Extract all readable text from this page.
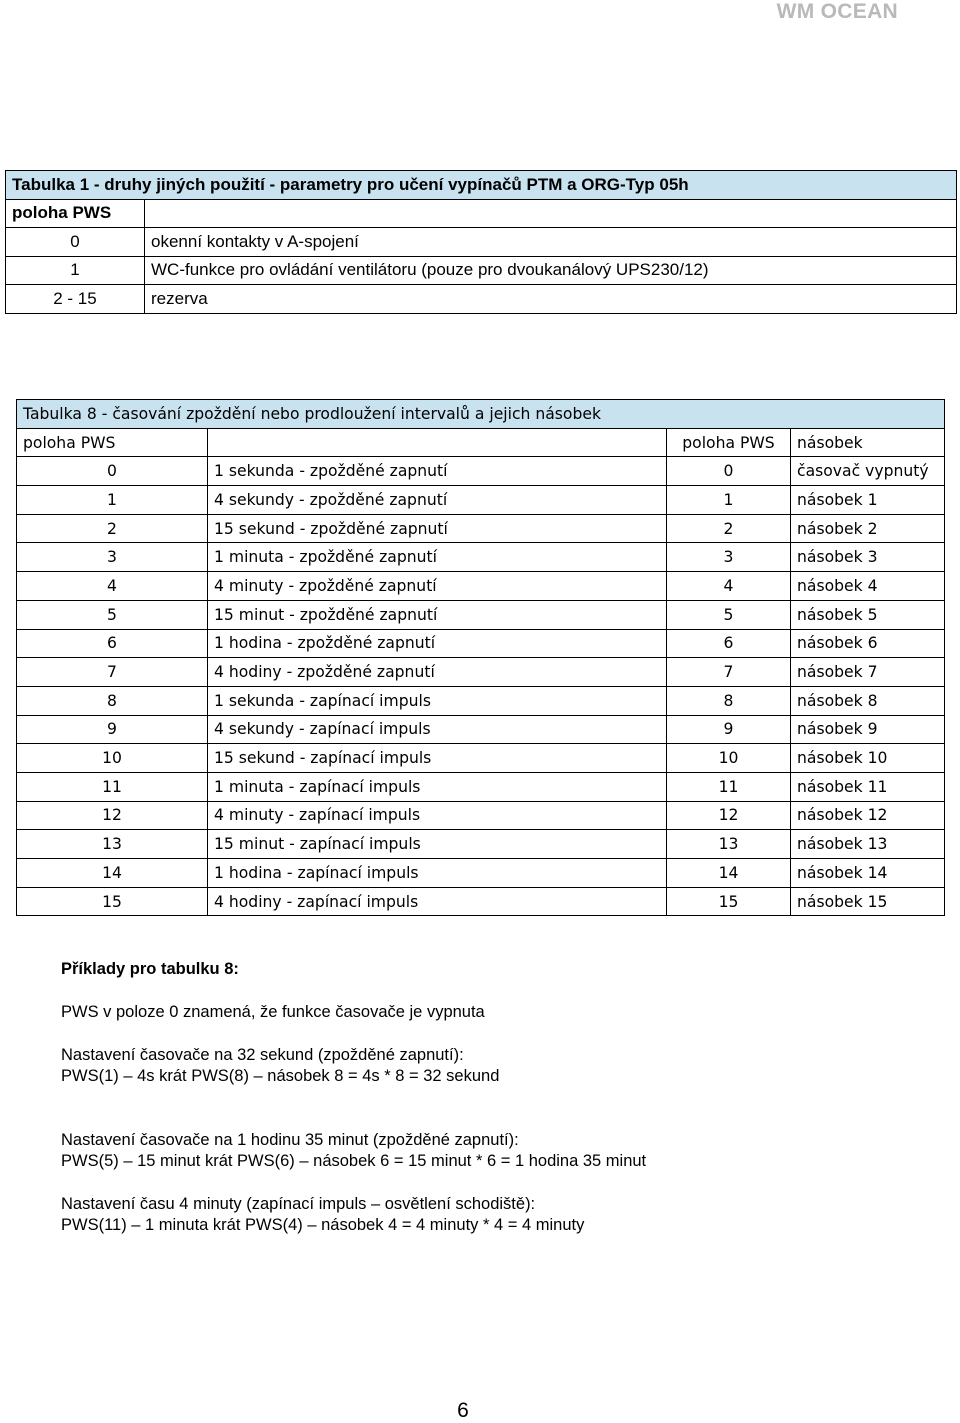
WM OCEAN
Tabulka 1 - druhy jiných použití - parametry pro učení vypínačů PTM a ORG-Typ 05h	
poloha PWS	
0	okenní kontakty v A-spojení
1	WC-funkce pro ovládání ventilátoru (pouze pro dvoukanálový UPS230/12)
2 - 15	rezerva
Tabulka 8 - časování zpoždění nebo prodloužení intervalů a jejich násobek			
poloha PWS		poloha PWS	násobek
0	1 sekunda - zpožděné zapnutí	0	časovač vypnutý
1	4 sekundy - zpožděné zapnutí	1	násobek 1
2	15 sekund - zpožděné zapnutí	2	násobek 2
3	1 minuta - zpožděné zapnutí	3	násobek 3
4	4 minuty - zpožděné zapnutí	4	násobek 4
5	15 minut - zpožděné zapnutí	5	násobek 5
6	1 hodina - zpožděné zapnutí	6	násobek 6
7	4 hodiny - zpožděné zapnutí	7	násobek 7
8	1 sekunda - zapínací impuls	8	násobek 8
9	4 sekundy - zapínací impuls	9	násobek 9
10	15 sekund - zapínací impuls	10	násobek 10
11	1 minuta - zapínací impuls	11	násobek 11
12	4 minuty - zapínací impuls	12	násobek 12
13	15 minut - zapínací impuls	13	násobek 13
14	1 hodina - zapínací impuls	14	násobek 14
15	4 hodiny - zapínací impuls	15	násobek 15
Příklady pro tabulku 8:
PWS v poloze 0 znamená, že funkce časovače je vypnuta
Nastavení časovače na 32 sekund (zpožděné zapnutí):
PWS(1) – 4s krát PWS(8) – násobek 8 = 4s * 8 = 32 sekund
Nastavení časovače na 1 hodinu 35 minut (zpožděné zapnutí):
PWS(5) – 15 minut krát PWS(6) – násobek 6 = 15 minut * 6 = 1 hodina 35 minut
Nastavení času 4 minuty (zapínací impuls – osvětlení schodiště):
PWS(11) – 1 minuta krát PWS(4) – násobek 4 = 4 minuty * 4 = 4 minuty
6
